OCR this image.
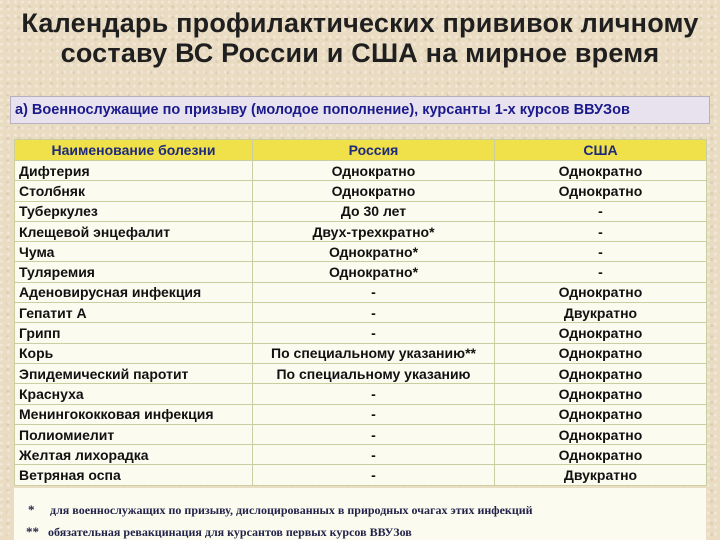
Календарь профилактических прививок личному
составу ВС России и США на мирное время
а) Военнослужащие по призыву (молодое пополнение), курсанты 1-х курсов ВВУЗов
Наименование болезни	Россия	США
Дифтерия	Однократно	Однократно
Столбняк	Однократно	Однократно
Туберкулез	До 30 лет	-
Клещевой энцефалит	Двух-трехкратно*	-
Чума	Однократно*	-
Туляремия	Однократно*	-
Аденовирусная инфекция	-	Однократно
Гепатит А	-	Двукратно
Грипп	-	Однократно
Корь	По специальному указанию**	Однократно
Эпидемический паротит	По специальному указанию	Однократно
Краснуха	-	Однократно
Менингококковая инфекция	-	Однократно
Полиомиелит	-	Однократно
Желтая лихорадка	-	Однократно
Ветряная оспа	-	Двукратно
* для военнослужащих по призыву, дислоцированных в природных очагах этих инфекций
** обязательная ревакцинация для курсантов первых курсов ВВУЗов
